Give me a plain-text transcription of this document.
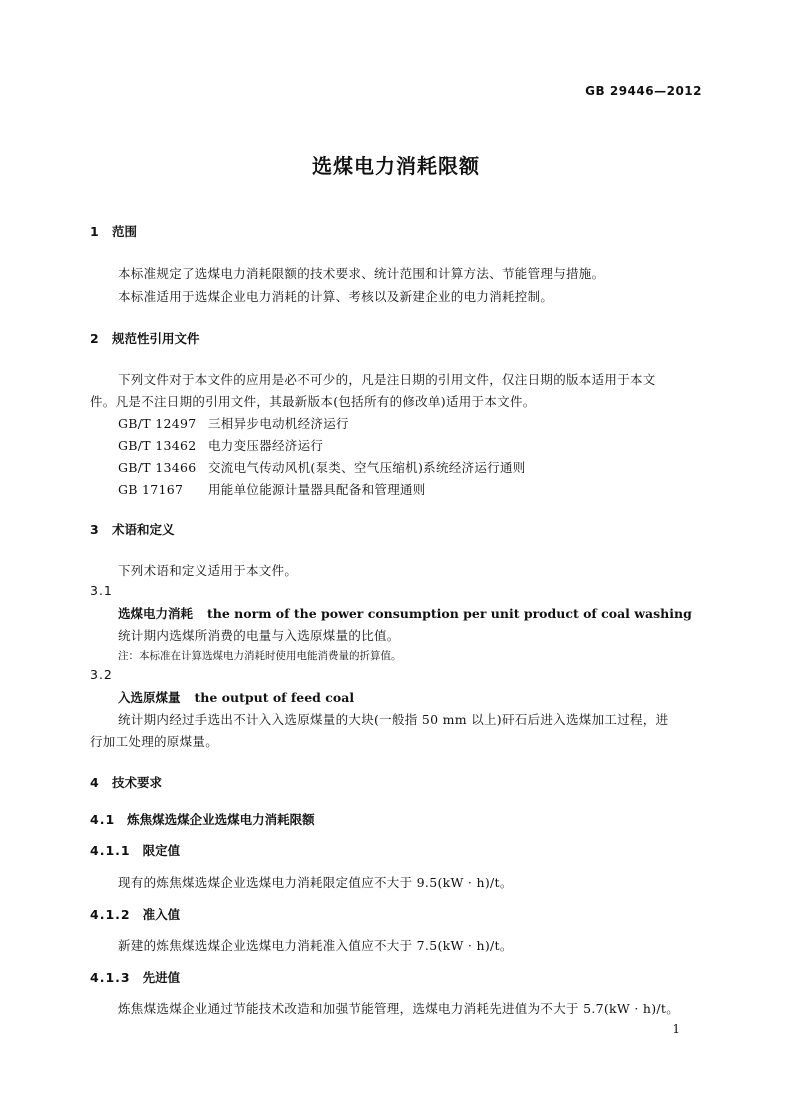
GB 29446—2012
选煤电力消耗限额
1 范围
本标准规定了选煤电力消耗限额的技术要求、统计范围和计算方法、节能管理与措施。
本标准适用于选煤企业电力消耗的计算、考核以及新建企业的电力消耗控制。
2 规范性引用文件
下列文件对于本文件的应用是必不可少的，凡是注日期的引用文件，仅注日期的版本适用于本文
件。凡是不注日期的引用文件，其最新版本(包括所有的修改单)适用于本文件。
GB/T 12497 三相异步电动机经济运行
GB/T 13462 电力变压器经济运行
GB/T 13466 交流电气传动风机(泵类、空气压缩机)系统经济运行通则
GB 17167 用能单位能源计量器具配备和管理通则
3 术语和定义
下列术语和定义适用于本文件。
3.1
选煤电力消耗 the norm of the power consumption per unit product of coal washing
统计期内选煤所消费的电量与入选原煤量的比值。
注：本标准在计算选煤电力消耗时使用电能消费量的折算值。
3.2
入选原煤量 the output of feed coal
统计期内经过手选出不计入入选原煤量的大块(一般指 50 mm 以上)矸石后进入选煤加工过程，进
行加工处理的原煤量。
4 技术要求
4.1 炼焦煤选煤企业选煤电力消耗限额
4.1.1 限定值
现有的炼焦煤选煤企业选煤电力消耗限定值应不大于 9.5(kW · h)/t。
4.1.2 准入值
新建的炼焦煤选煤企业选煤电力消耗准入值应不大于 7.5(kW · h)/t。
4.1.3 先进值
炼焦煤选煤企业通过节能技术改造和加强节能管理，选煤电力消耗先进值为不大于 5.7(kW · h)/t。
1
